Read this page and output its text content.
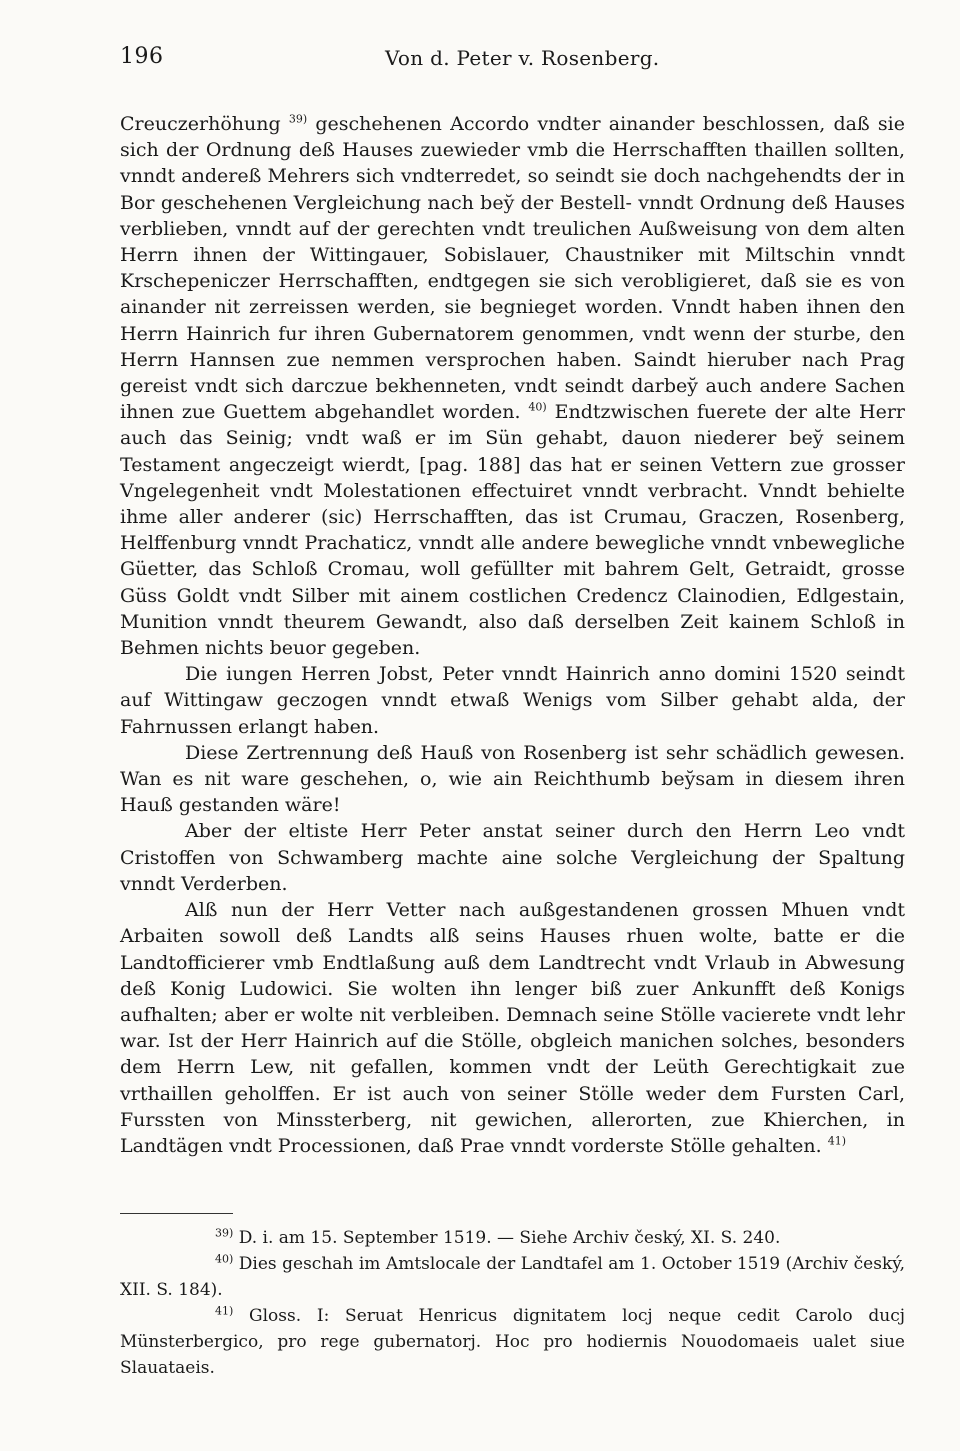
196	Von d. Peter v. Rosenberg.

Creuczerhöhung $^{39)}$ geschehenen Accordo vndter ainander beschlossen, daß sie sich der Ordnung deß Hauses zuewieder vmb die Herrschafften thaillen sollten, vnndt andereß Mehrers sich vndterredet, so seindt sie doch nachgehendts der in Bor geschehenen Vergleichung nach bey̆ der Bestell- vnndt Ordnung deß Hauses verblieben, vnndt auf der gerechten vndt treulichen Außweisung von dem alten Herrn ihnen der Wittingauer, Sobislauer, Chaustniker mit Miltschin vnndt Krschepeniczer Herrschafften, endtgegen sie sich verobligieret, daß sie es von ainander nit zerreissen werden, sie begnieget worden. Vnndt haben ihnen den Herrn Hainrich fur ihren Gubernatorem genommen, vndt wenn der sturbe, den Herrn Hannsen zue nemmen versprochen haben. Saindt hieruber nach Prag gereist vndt sich darczue bekhenneten, vndt seindt darbey̆ auch andere Sachen ihnen zue Guettem abgehandlet worden. $^{40)}$ Endtzwischen fuerete der alte Herr auch das Seinig; vndt waß er im Sün gehabt, dauon niederer bey̆ seinem Testament angeczeigt wierdt, [pag. 188] das hat er seinen Vettern zue grosser Vngelegenheit vndt Molestationen effectuiret vnndt verbracht. Vnndt behielte ihme aller anderer (sic) Herrschafften, das ist Crumau, Graczen, Rosenberg, Helffenburg vnndt Prachaticz, vnndt alle andere bewegliche vnndt vnbewegliche Güetter, das Schloß Cromau, woll gefüllter mit bahrem Gelt, Getraidt, grosse Güss Goldt vndt Silber mit ainem costlichen Credencz Clainodien, Edlgestain, Munition vnndt theurem Gewandt, also daß derselben Zeit kainem Schloß in Behmen nichts beuor gegeben.

Die iungen Herren Jobst, Peter vnndt Hainrich anno domini 1520 seindt auf Wittingaw geczogen vnndt etwaß Wenigs vom Silber gehabt alda, der Fahrnussen erlangt haben.

Diese Zertrennung deß Hauß von Rosenberg ist sehr schädlich gewesen. Wan es nit ware geschehen, o, wie ain Reichthumb bey̆sam in diesem ihren Hauß gestanden wäre!

Aber der eltiste Herr Peter anstat seiner durch den Herrn Leo vndt Cristoffen von Schwamberg machte aine solche Vergleichung der Spaltung vnndt Verderben.

Alß nun der Herr Vetter nach außgestandenen grossen Mhuen vndt Arbaiten sowoll deß Landts alß seins Hauses rhuen wolte, batte er die Landtofficierer vmb Endtlaßung auß dem Landtrecht vndt Vrlaub in Abwesung deß Konig Ludowici. Sie wolten ihn lenger biß zuer Ankunfft deß Konigs aufhalten; aber er wolte nit verbleiben. Demnach seine Stölle vacierete vndt lehr war. Ist der Herr Hainrich auf die Stölle, obgleich manichen solches, besonders dem Herrn Lew, nit gefallen, kommen vndt der Leüth Gerechtigkait zue vrthaillen geholffen. Er ist auch von seiner Stölle weder dem Fursten Carl, Furssten von Minssterberg, nit gewichen, allerorten, zue Khierchen, in Landtägen vndt Processionen, daß Prae vnndt vorderste Stölle gehalten. $^{41)}$

$^{39)}$ D. i. am 15. September 1519. — Siehe Archiv český, XI. S. 240.

$^{40)}$ Dies geschah im Amtslocale der Landtafel am 1. October 1519 (Archiv český, XII. S. 184).

$^{41)}$ Gloss. I: Seruat Henricus dignitatem locj neque cedit Carolo ducj Münsterbergico, pro rege gubernatorj. Hoc pro hodiernis Nouodomaeis ualet siue Slauataeis.
